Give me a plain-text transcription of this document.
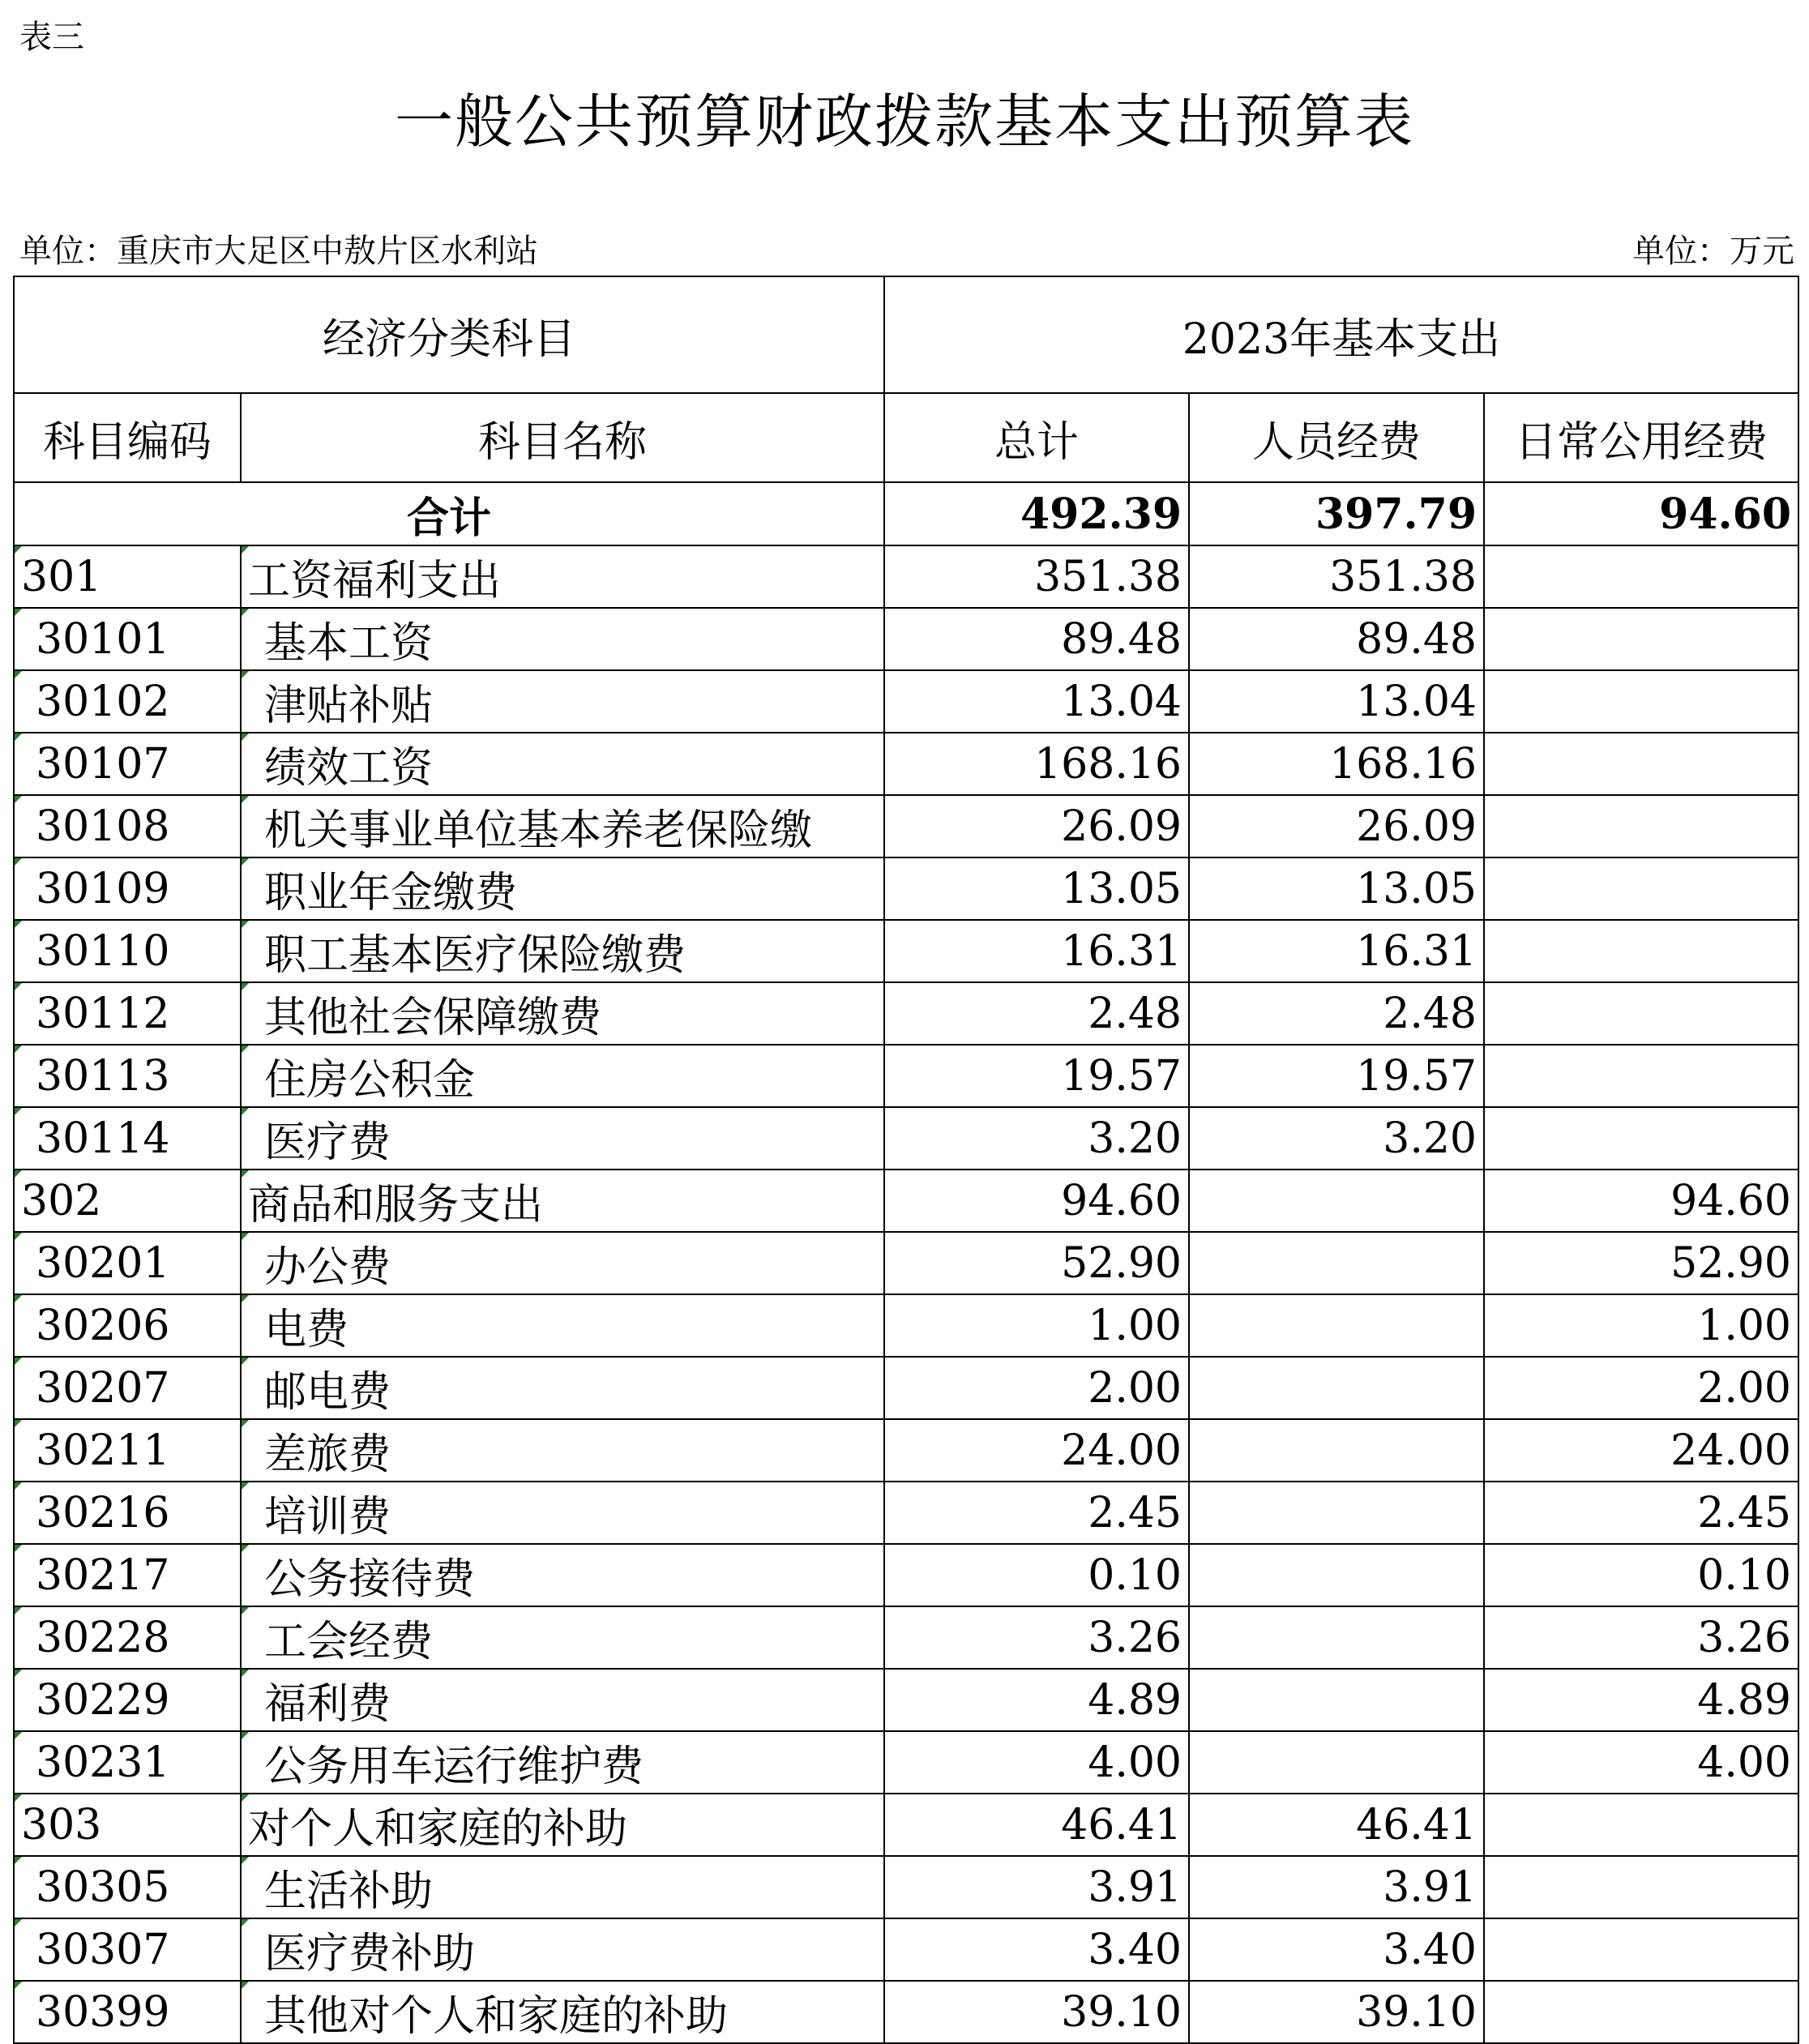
表三
一般公共预算财政拨款基本支出预算表
单位：重庆市大足区中敖片区水利站	单位：万元
经济分类科目		2023年基本支出		
科目编码	科目名称	总计	人员经费	日常公用经费
合计		492.39	397.79	94.60

301	工资福利支出	351.38	351.38	

30101	基本工资	89.48	89.48	

30102	津贴补贴	13.04	13.04	

30107	绩效工资	168.16	168.16	

30108	机关事业单位基本养老保险缴	26.09	26.09	

30109	职业年金缴费	13.05	13.05	

30110	职工基本医疗保险缴费	16.31	16.31	

30112	其他社会保障缴费	2.48	2.48	

30113	住房公积金	19.57	19.57	

30114	医疗费	3.20	3.20	

302	商品和服务支出	94.60		94.60

30201	办公费	52.90		52.90

30206	电费	1.00		1.00

30207	邮电费	2.00		2.00

30211	差旅费	24.00		24.00

30216	培训费	2.45		2.45

30217	公务接待费	0.10		0.10

30228	工会经费	3.26		3.26

30229	福利费	4.89		4.89

30231	公务用车运行维护费	4.00		4.00

303	对个人和家庭的补助	46.41	46.41	

30305	生活补助	3.91	3.91	

30307	医疗费补助	3.40	3.40	

30399	其他对个人和家庭的补助	39.10	39.10	
